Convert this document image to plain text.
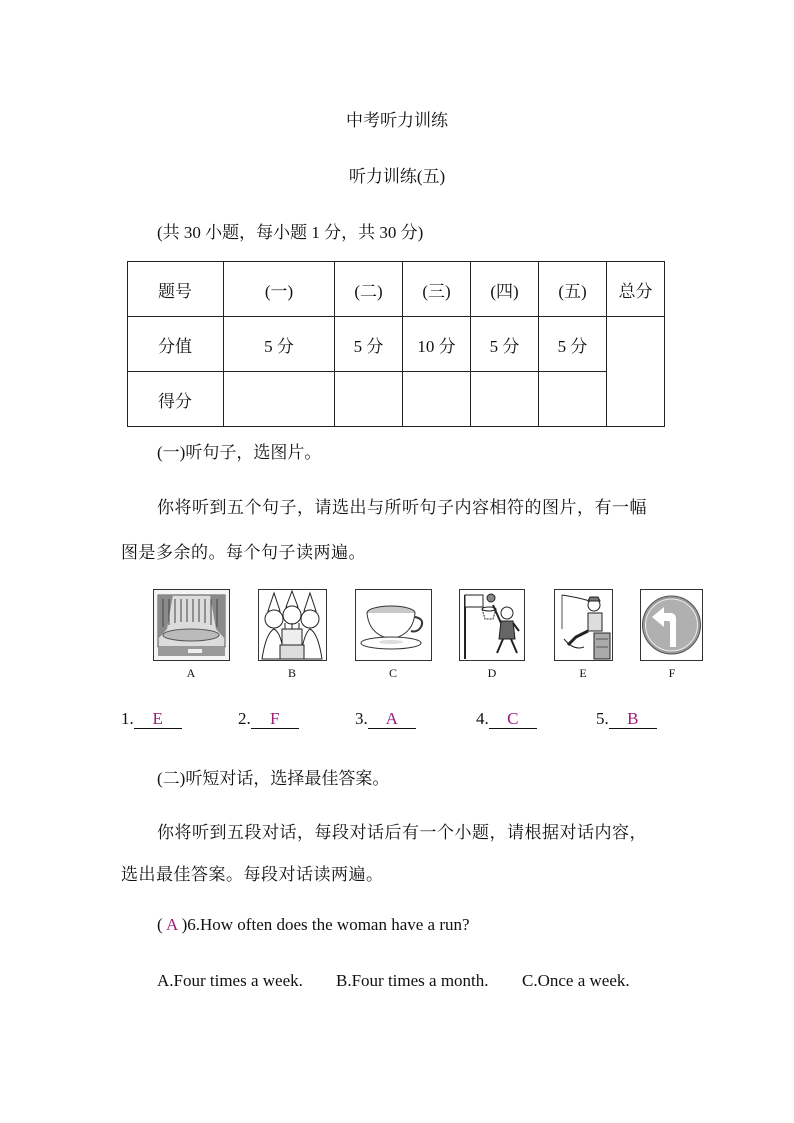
中考听力训练
听力训练(五)
(共 30 小题，每小题 1 分，共 30 分)
题号	(一)	(二)	(三)	(四)	(五)	总分
分值	5 分	5 分	10 分	5 分	5 分	
得分						
(一)听句子，选图片。
你将听到五个句子，请选出与所听句子内容相符的图片，有一幅
图是多余的。每个句子读两遍。
A	B	C	D	E	F
1. E	2. F	3. A	4. C	5. B
(二)听短对话，选择最佳答案。
你将听到五段对话，每段对话后有一个小题，请根据对话内容，
选出最佳答案。每段对话读两遍。
( A )6.How often does the woman have a run?
A.Four times a week. B.Four times a month. C.Once a week.
